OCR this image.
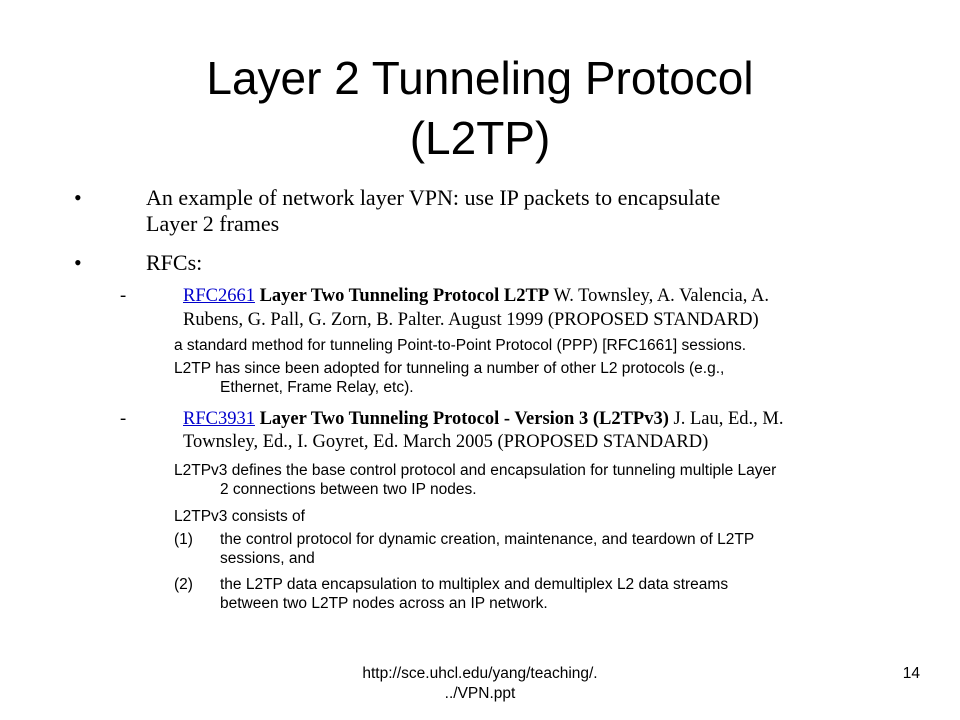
Layer 2 Tunneling Protocol
(L2TP)
•	An example of network layer VPN: use IP packets to encapsulate
Layer 2 frames
•	RFCs:
-	RFC2661 Layer Two Tunneling Protocol L2TP W. Townsley, A. Valencia, A.
Rubens, G. Pall, G. Zorn, B. Palter. August 1999 (PROPOSED STANDARD)
a standard method for tunneling Point-to-Point Protocol (PPP) [RFC1661] sessions.
L2TP has since been adopted for tunneling a number of other L2 protocols (e.g.,
Ethernet, Frame Relay, etc).
-	RFC3931 Layer Two Tunneling Protocol - Version 3 (L2TPv3) J. Lau, Ed., M.
Townsley, Ed., I. Goyret, Ed. March 2005 (PROPOSED STANDARD)
L2TPv3 defines the base control protocol and encapsulation for tunneling multiple Layer
2 connections between two IP nodes.
L2TPv3 consists of
(1) the control protocol for dynamic creation, maintenance, and teardown of L2TP
sessions, and
(2) the L2TP data encapsulation to multiplex and demultiplex L2 data streams
between two L2TP nodes across an IP network.
http://sce.uhcl.edu/yang/teaching/.
../VPN.ppt
14
